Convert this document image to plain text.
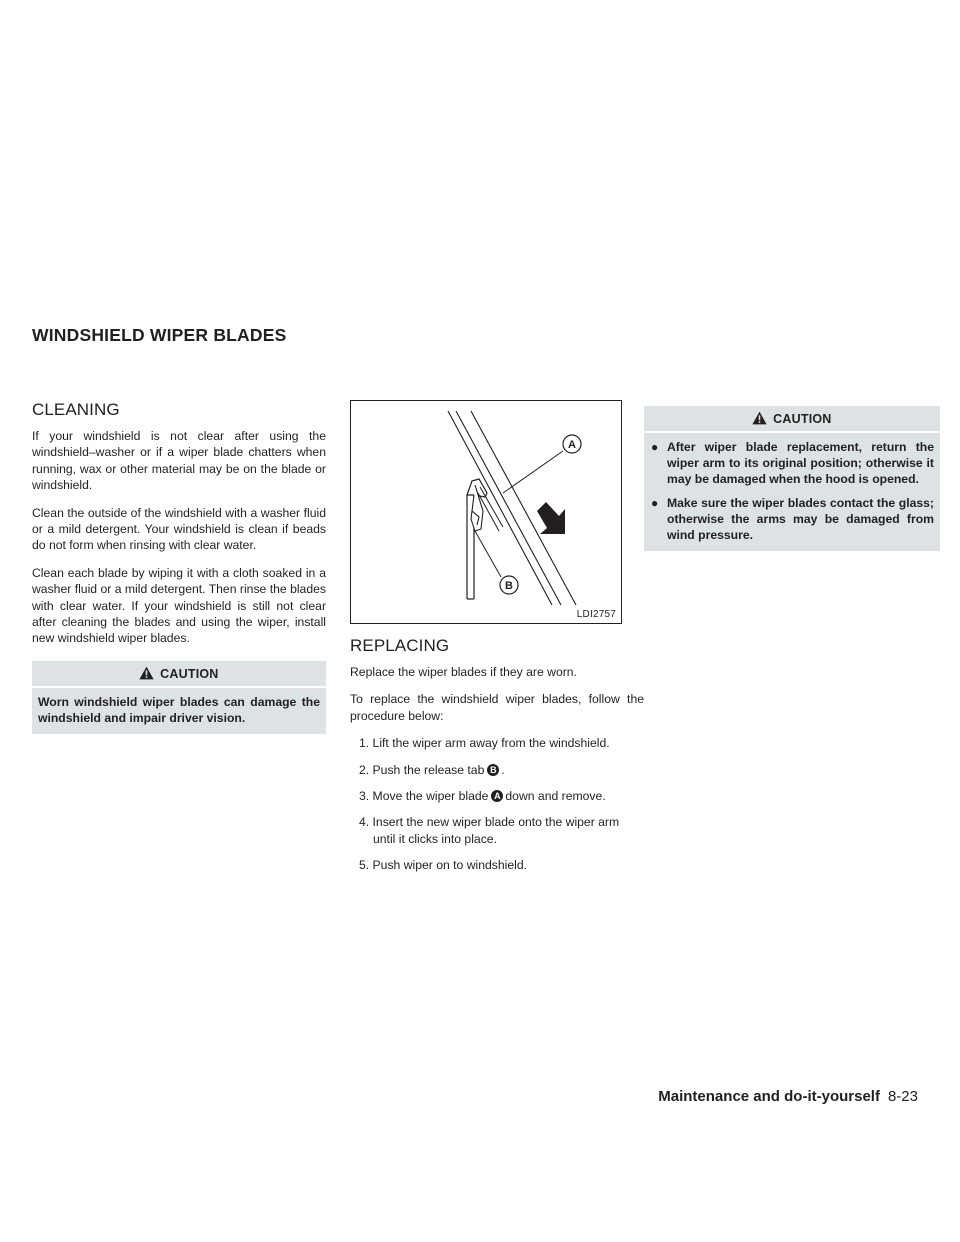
WINDSHIELD WIPER BLADES
CLEANING

If your windshield is not clear after using the windshield–washer or if a wiper blade chatters when running, wax or other material may be on the blade or windshield.

Clean the outside of the windshield with a washer fluid or a mild detergent. Your windshield is clean if beads do not form when rinsing with clear water.

Clean each blade by wiping it with a cloth soaked in a washer fluid or a mild detergent. Then rinse the blades with clear water. If your windshield is still not clear after cleaning the blades and using the wiper, install new windshield wiper blades.

CAUTION

Worn windshield wiper blades can damage the windshield and impair driver vision.

A
B
LDI2757
REPLACING

Replace the wiper blades if they are worn.

To replace the windshield wiper blades, follow the procedure below:

1. Lift the wiper arm away from the windshield.
2. Push the release tab B .
3. Move the wiper blade A down and remove.
4. Insert the new wiper blade onto the wiper arm until it clicks into place.
5. Push wiper on to windshield.
CAUTION
● After wiper blade replacement, return the wiper arm to its original position; otherwise it may be damaged when the hood is opened.
● Make sure the wiper blades contact the glass; otherwise the arms may be damaged from wind pressure.
Maintenance and do-it-yourself 8-23
